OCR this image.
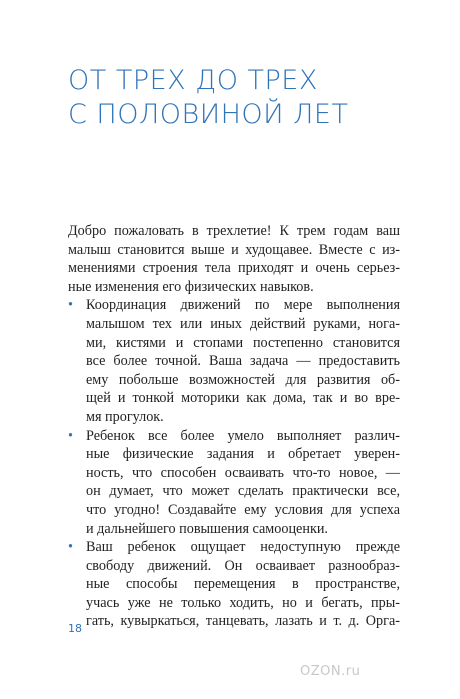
ОТ ТРЕХ ДО ТРЕХ
С ПОЛОВИНОЙ ЛЕТ
Добро пожаловать в трехлетие! К трем годам ваш
малыш становится выше и худощавее. Вместе с из-
менениями строения тела приходят и очень серьез-
ные изменения его физических навыков.
• Координация движений по мере выполнения
малышом тех или иных действий руками, нога-
ми, кистями и стопами постепенно становится
все более точной. Ваша задача — предоставить
ему побольше возможностей для развития об-
щей и тонкой моторики как дома, так и во вре-
мя прогулок.
• Ребенок все более умело выполняет различ-
ные физические задания и обретает уверен-
ность, что способен осваивать что-то новое, —
он думает, что может сделать практически все,
что угодно! Создавайте ему условия для успеха
и дальнейшего повышения самооценки.
• Ваш ребенок ощущает недоступную прежде
свободу движений. Он осваивает разнообраз-
ные способы перемещения в пространстве,
учась уже не только ходить, но и бегать, пры-
гать, кувыркаться, танцевать, лазать и т. д. Орга-
18
OZON.ru
